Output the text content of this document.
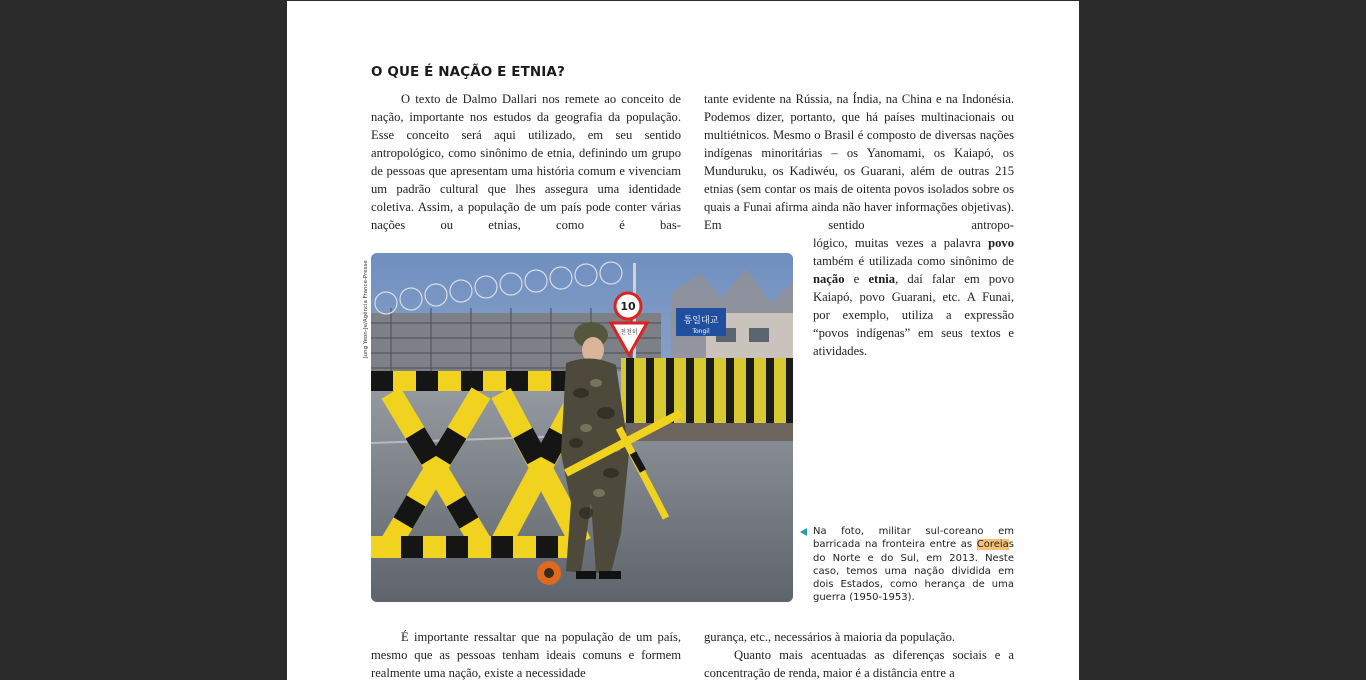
O QUE É NAÇÃO E ETNIA?

O texto de Dalmo Dallari nos remete ao conceito de nação, importante nos estudos da geografia da população. Esse conceito será aqui utilizado, em seu sentido antropológico, como sinônimo de etnia, definindo um grupo de pessoas que apresentam uma história comum e vivenciam um padrão cultural que lhes assegura uma identidade coletiva. Assim, a população de um país pode conter várias nações ou etnias, como é bas-

tante evidente na Rússia, na Índia, na China e na Indonésia. Podemos dizer, portanto, que há países multinacionais ou multiétnicos. Mesmo o Brasil é composto de diversas nações indígenas minoritárias – os Yanomami, os Kaiapó, os Munduruku, os Kadiwéu, os Guarani, além de outras 215 etnias (sem contar os mais de oitenta povos isolados sobre os quais a Funai afirma ainda não haver informações objetivas). Em sentido antropo-

lógico, muitas vezes a palavra povo também é utilizada como sinônimo de nação e etnia, daí falar em povo Kaiapó, povo Guarani, etc. A Funai, por exemplo, utiliza a expressão “povos indígenas” em seus textos e atividades.

Jung Yeon-Je/Agência France-Presse	통일대교
Tongil
10
천천히
Na foto, militar sul-coreano em barricada na fronteira entre as Coreias do Norte e do Sul, em 2013. Neste caso, temos uma nação dividida em dois Estados, como herança de uma guerra (1950-1953).

É importante ressaltar que na população de um país, mesmo que as pessoas tenham ideais comuns e formem realmente uma nação, existe a necessidade

gurança, etc., necessários à maioria da população.

Quanto mais acentuadas as diferenças sociais e a concentração de renda, maior é a distância entre a
